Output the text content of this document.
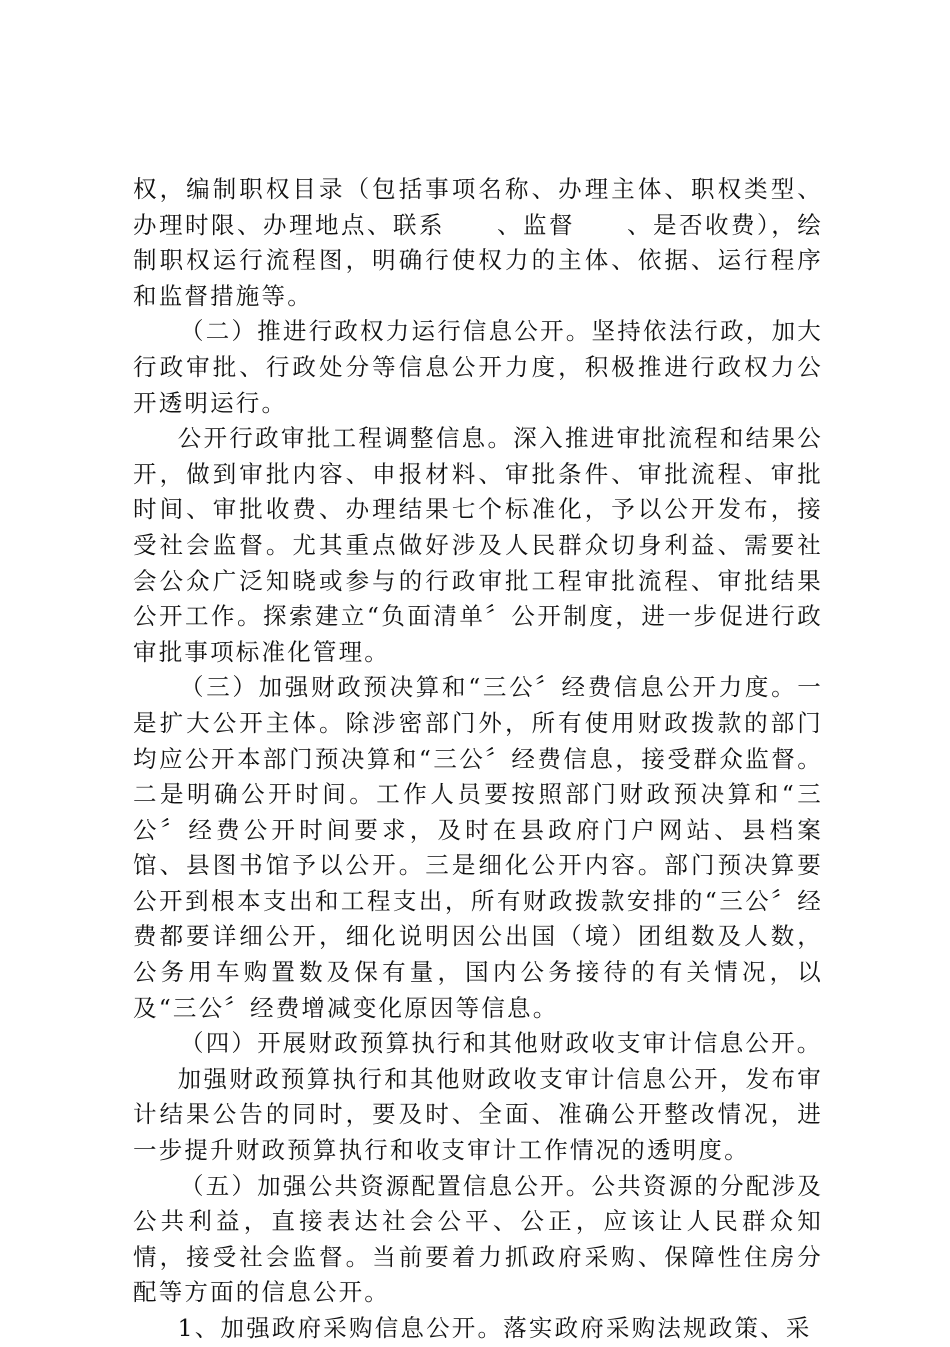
权，编制职权目录（包括事项名称、办理主体、职权类型、办理时限、办理地点、联系　　、监督　　、是否收费），绘制职权运行流程图，明确行使权力的主体、依据、运行程序和监督措施等。

（二）推进行政权力运行信息公开。坚持依法行政，加大行政审批、行政处分等信息公开力度，积极推进行政权力公开透明运行。

公开行政审批工程调整信息。深入推进审批流程和结果公开，做到审批内容、申报材料、审批条件、审批流程、审批时间、审批收费、办理结果七个标准化，予以公开发布，接受社会监督。尤其重点做好涉及人民群众切身利益、需要社会公众广泛知晓或参与的行政审批工程审批流程、审批结果公开工作。探索建立“负面清单〞公开制度，进一步促进行政审批事项标准化管理。

（三）加强财政预决算和“三公〞经费信息公开力度。一是扩大公开主体。除涉密部门外，所有使用财政拨款的部门均应公开本部门预决算和“三公〞经费信息，接受群众监督。二是明确公开时间。工作人员要按照部门财政预决算和“三公〞经费公开时间要求，及时在县政府门户网站、县档案馆、县图书馆予以公开。三是细化公开内容。部门预决算要公开到根本支出和工程支出，所有财政拨款安排的“三公〞经费都要详细公开，细化说明因公出国（境）团组数及人数，公务用车购置数及保有量，国内公务接待的有关情况，以及“三公〞经费增减变化原因等信息。

（四）开展财政预算执行和其他财政收支审计信息公开。

加强财政预算执行和其他财政收支审计信息公开，发布审计结果公告的同时，要及时、全面、准确公开整改情况，进一步提升财政预算执行和收支审计工作情况的透明度。

（五）加强公共资源配置信息公开。公共资源的分配涉及公共利益，直接表达社会公平、公正，应该让人民群众知情，接受社会监督。当前要着力抓政府采购、保障性住房分配等方面的信息公开。

1、加强政府采购信息公开。落实政府采购法规政策、采
